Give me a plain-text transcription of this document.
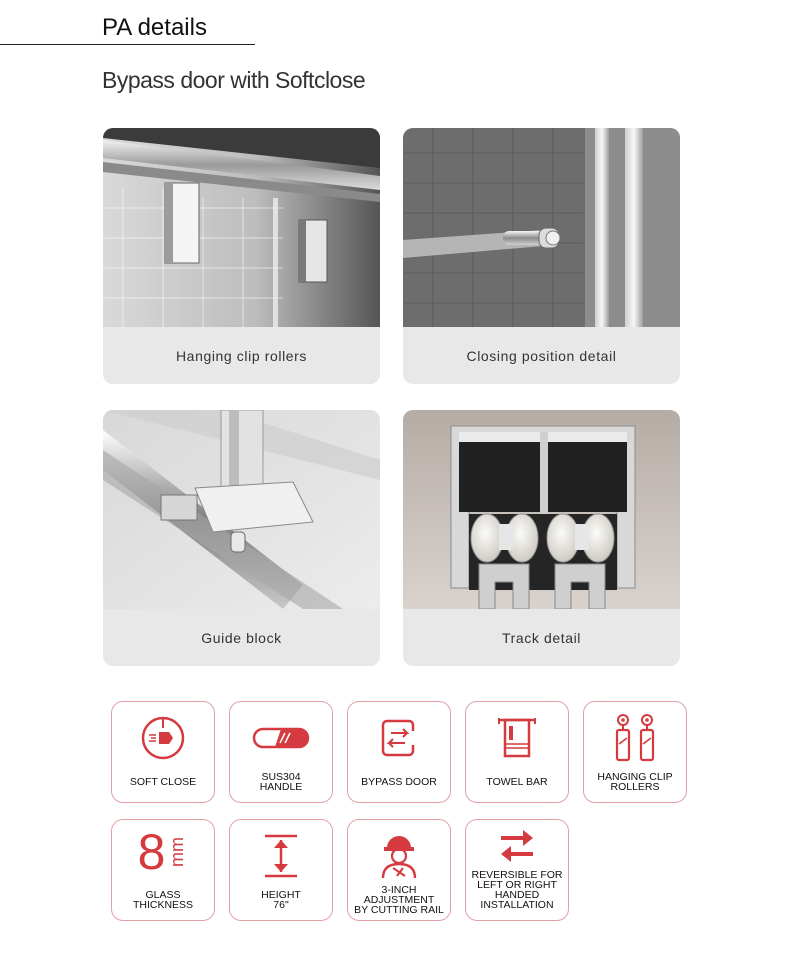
PA details
Bypass door with Softclose
Hanging clip rollers	Closing position detail
Guide block	Track detail
SOFT CLOSE	SUS304
HANDLE	BYPASS DOOR	TOWEL BAR	HANGING CLIP
ROLLERS
8 mm
GLASS
THICKNESS
HEIGHT
76"
3-INCH
ADJUSTMENT
BY CUTTING RAIL
REVERSIBLE FOR
LEFT OR RIGHT
HANDED
INSTALLATION
